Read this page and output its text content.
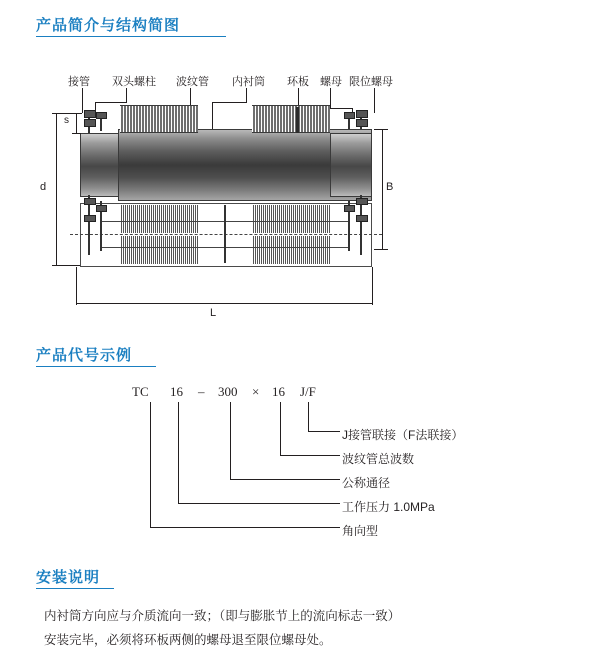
产品简介与结构简图
接管 双头螺柱 波纹管 内衬筒 环板 螺母 限位螺母
s
d	B
L
产品代号示例
TC 16 – 300 × 16 J/F
J接管联接（F法联接）
波纹管总波数
公称通径
工作压力 1.0MPa
角向型
安装说明
内衬筒方向应与介质流向一致；（即与膨胀节上的流向标志一致）
安装完毕，必须将环板两侧的螺母退至限位螺母处。
